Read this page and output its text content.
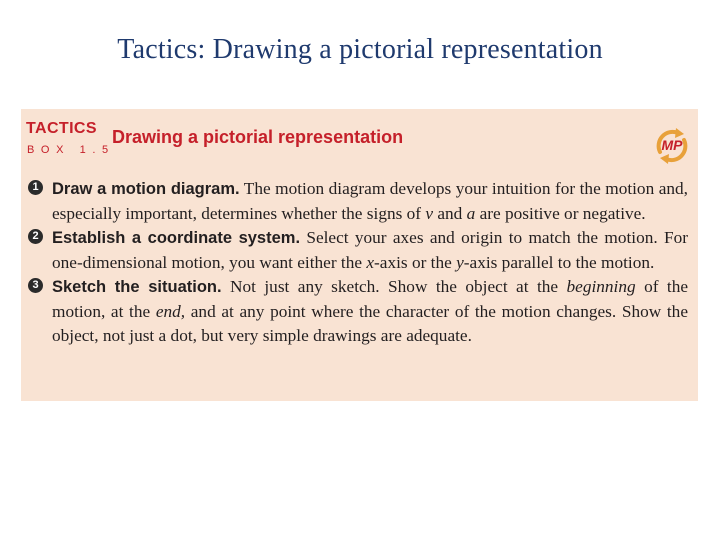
Tactics: Drawing a pictorial representation
TACTICS
BOX 1.5
Drawing a pictorial representation	MP
1 Draw a motion diagram. The motion diagram develops your intuition for the motion and, especially important, determines whether the signs of v and a are positive or negative.
2 Establish a coordinate system. Select your axes and origin to match the motion. For one-dimensional motion, you want either the x-axis or the y-axis parallel to the motion.
3 Sketch the situation. Not just any sketch. Show the object at the beginning of the motion, at the end, and at any point where the character of the motion changes. Show the object, not just a dot, but very simple drawings are adequate.
